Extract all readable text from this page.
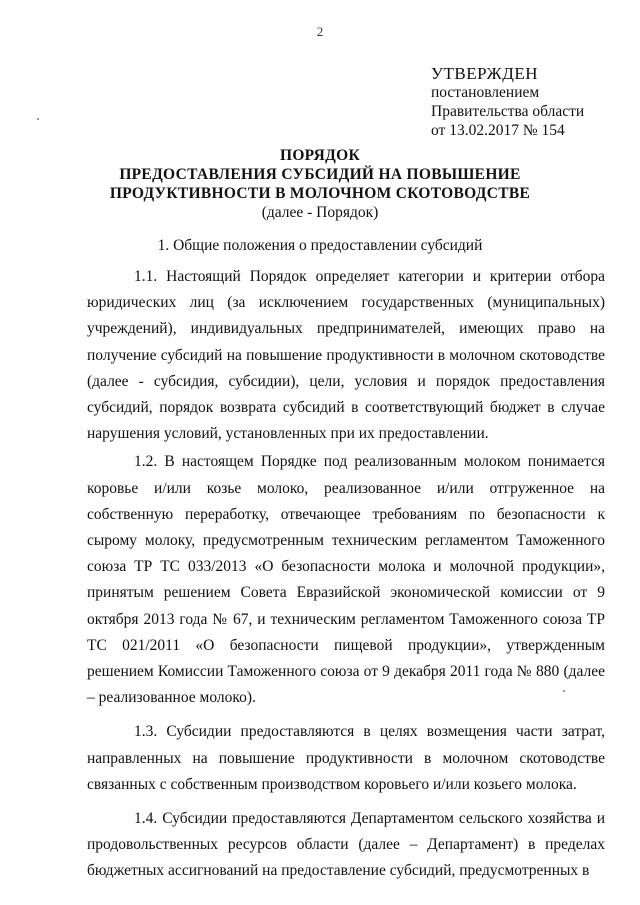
2
УТВЕРЖДЕН
постановлением
Правительства области
от 13.02.2017 № 154
ПОРЯДОК
ПРЕДОСТАВЛЕНИЯ СУБСИДИЙ НА ПОВЫШЕНИЕ
ПРОДУКТИВНОСТИ В МОЛОЧНОМ СКОТОВОДСТВЕ
(далее - Порядок)
1. Общие положения о предоставлении субсидий

1.1. Настоящий Порядок определяет категории и критерии отбора юридических лиц (за исключением государственных (муниципальных) учреждений), индивидуальных предпринимателей, имеющих право на получение субсидий на повышение продуктивности в молочном скотоводстве (далее - субсидия, субсидии), цели, условия и порядок предоставления субсидий, порядок возврата субсидий в соответствующий бюджет в случае нарушения условий, установленных при их предоставлении.

1.2. В настоящем Порядке под реализованным молоком понимается коровье и/или козье молоко, реализованное и/или отгруженное на собственную переработку, отвечающее требованиям по безопасности к сырому молоку, предусмотренным техническим регламентом Таможенного союза ТР ТС 033/2013 «О безопасности молока и молочной продукции», принятым решением Совета Евразийской экономической комиссии от 9 октября 2013 года № 67, и техническим регламентом Таможенного союза ТР ТС 021/2011 «О безопасности пищевой продукции», утвержденным решением Комиссии Таможенного союза от 9 декабря 2011 года № 880 (далее – реализованное молоко).

1.3. Субсидии предоставляются в целях возмещения части затрат, направленных на повышение продуктивности в молочном скотоводстве связанных с собственным производством коровьего и/или козьего молока.

1.4. Субсидии предоставляются Департаментом сельского хозяйства и продовольственных ресурсов области (далее – Департамент) в пределах бюджетных ассигнований на предоставление субсидий, предусмотренных в
